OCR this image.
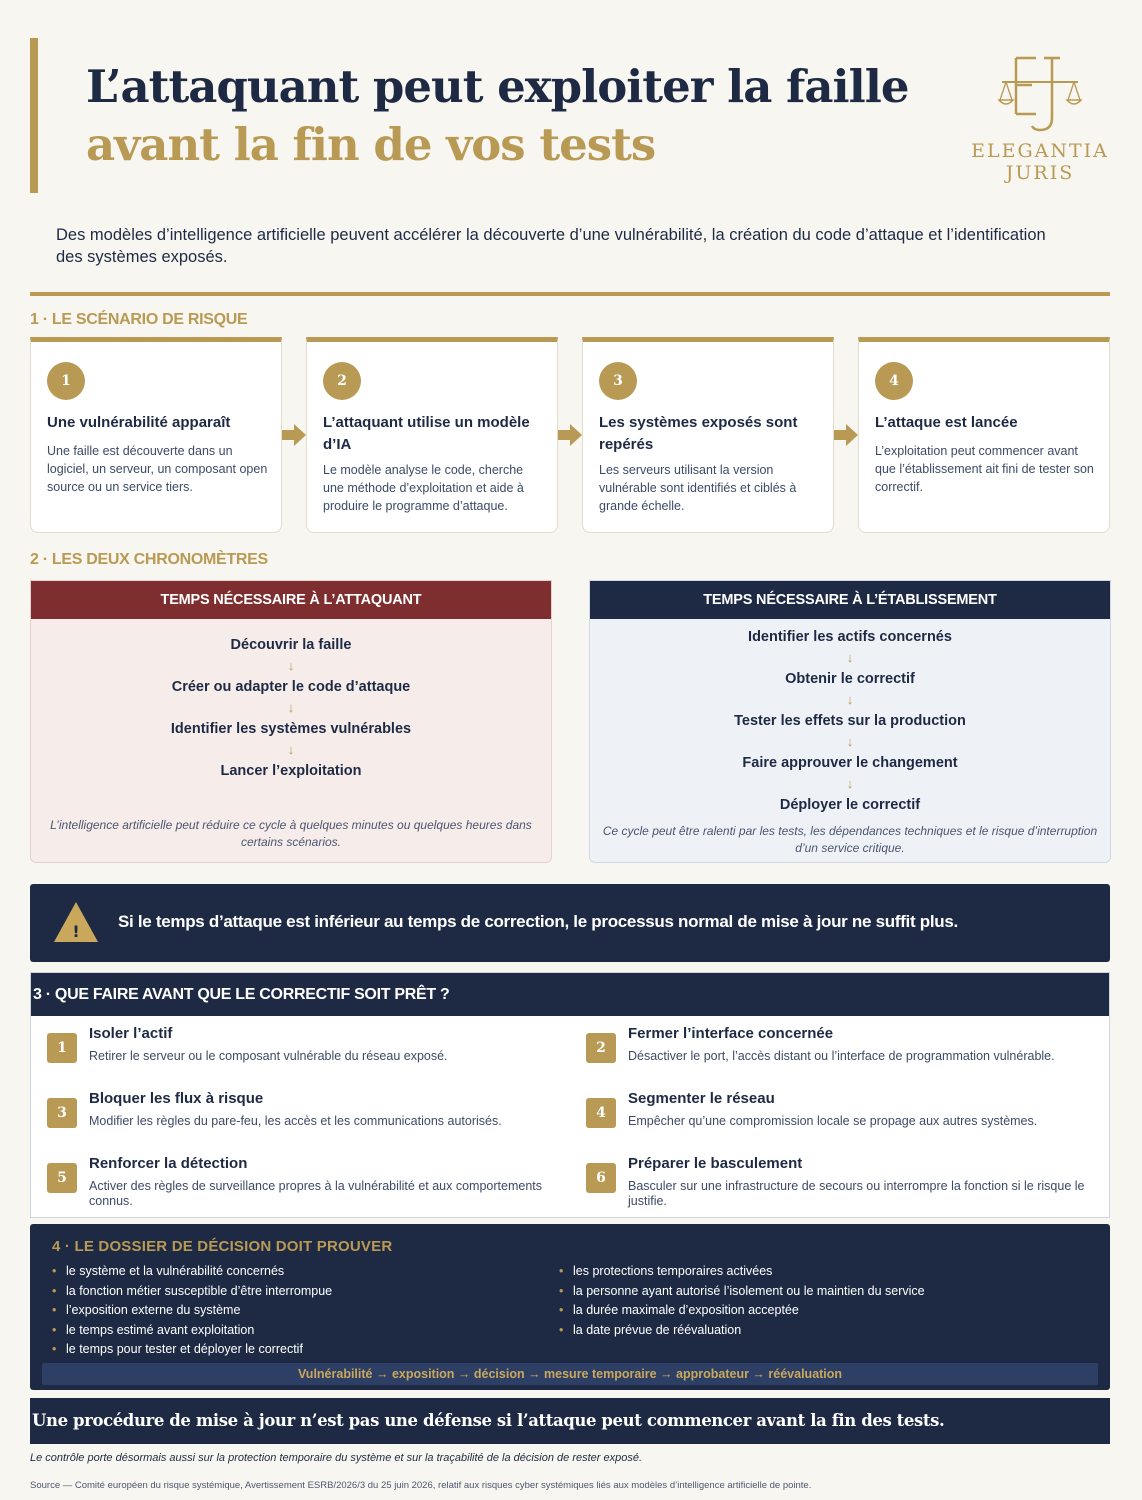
L’attaquant peut exploiter la faille
avant la fin de vos tests	ELEGANTIA
JURIS
Des modèles d’intelligence artificielle peuvent accélérer la découverte d’une vulnérabilité, la création du code d’attaque et l’identification des systèmes exposés.
1 · LE SCÉNARIO DE RISQUE
1
Une vulnérabilité apparaît
Une faille est découverte dans un logiciel, un serveur, un composant open source ou un service tiers.
2
L’attaquant utilise un modèle d’IA
Le modèle analyse le code, cherche une méthode d’exploitation et aide à produire le programme d’attaque.
3
Les systèmes exposés sont repérés
Les serveurs utilisant la version vulnérable sont identifiés et ciblés à grande échelle.
4
L’attaque est lancée
L’exploitation peut commencer avant que l’établissement ait fini de tester son correctif.
2 · LES DEUX CHRONOMÈTRES
TEMPS NÉCESSAIRE À L’ATTAQUANT
Découvrir la faille
↓
Créer ou adapter le code d’attaque
↓
Identifier les systèmes vulnérables
↓
Lancer l’exploitation
L’intelligence artificielle peut réduire ce cycle à quelques minutes ou quelques heures dans certains scénarios.
TEMPS NÉCESSAIRE À L’ÉTABLISSEMENT
Identifier les actifs concernés
↓
Obtenir le correctif
↓
Tester les effets sur la production
↓
Faire approuver le changement
↓
Déployer le correctif
Ce cycle peut être ralenti par les tests, les dépendances techniques et le risque d’interruption d’un service critique.
!
Si le temps d’attaque est inférieur au temps de correction, le processus normal de mise à jour ne suffit plus.
3 · QUE FAIRE AVANT QUE LE CORRECTIF SOIT PRÊT ?
1
Isoler l’actif
Retirer le serveur ou le composant vulnérable du réseau exposé.	2
Fermer l’interface concernée
Désactiver le port, l’accès distant ou l’interface de programmation vulnérable.
3
Bloquer les flux à risque
Modifier les règles du pare-feu, les accès et les communications autorisés.	4
Segmenter le réseau
Empêcher qu’une compromission locale se propage aux autres systèmes.
5
Renforcer la détection
Activer des règles de surveillance propres à la vulnérabilité et aux comportements connus.
6
Préparer le basculement
Basculer sur une infrastructure de secours ou interrompre la fonction si le risque le justifie.
4 · LE DOSSIER DE DÉCISION DOIT PROUVER
• le système et la vulnérabilité concernés
• la fonction métier susceptible d’être interrompue
• l’exposition externe du système
• le temps estimé avant exploitation
• le temps pour tester et déployer le correctif
• les protections temporaires activées
• la personne ayant autorisé l’isolement ou le maintien du service
• la durée maximale d’exposition acceptée
• la date prévue de réévaluation
Vulnérabilité → exposition → décision → mesure temporaire → approbateur → réévaluation
Une procédure de mise à jour n’est pas une défense si l’attaque peut commencer avant la fin des tests.
Le contrôle porte désormais aussi sur la protection temporaire du système et sur la traçabilité de la décision de rester exposé.
Source — Comité européen du risque systémique, Avertissement ESRB/2026/3 du 25 juin 2026, relatif aux risques cyber systémiques liés aux modèles d’intelligence artificielle de pointe.
